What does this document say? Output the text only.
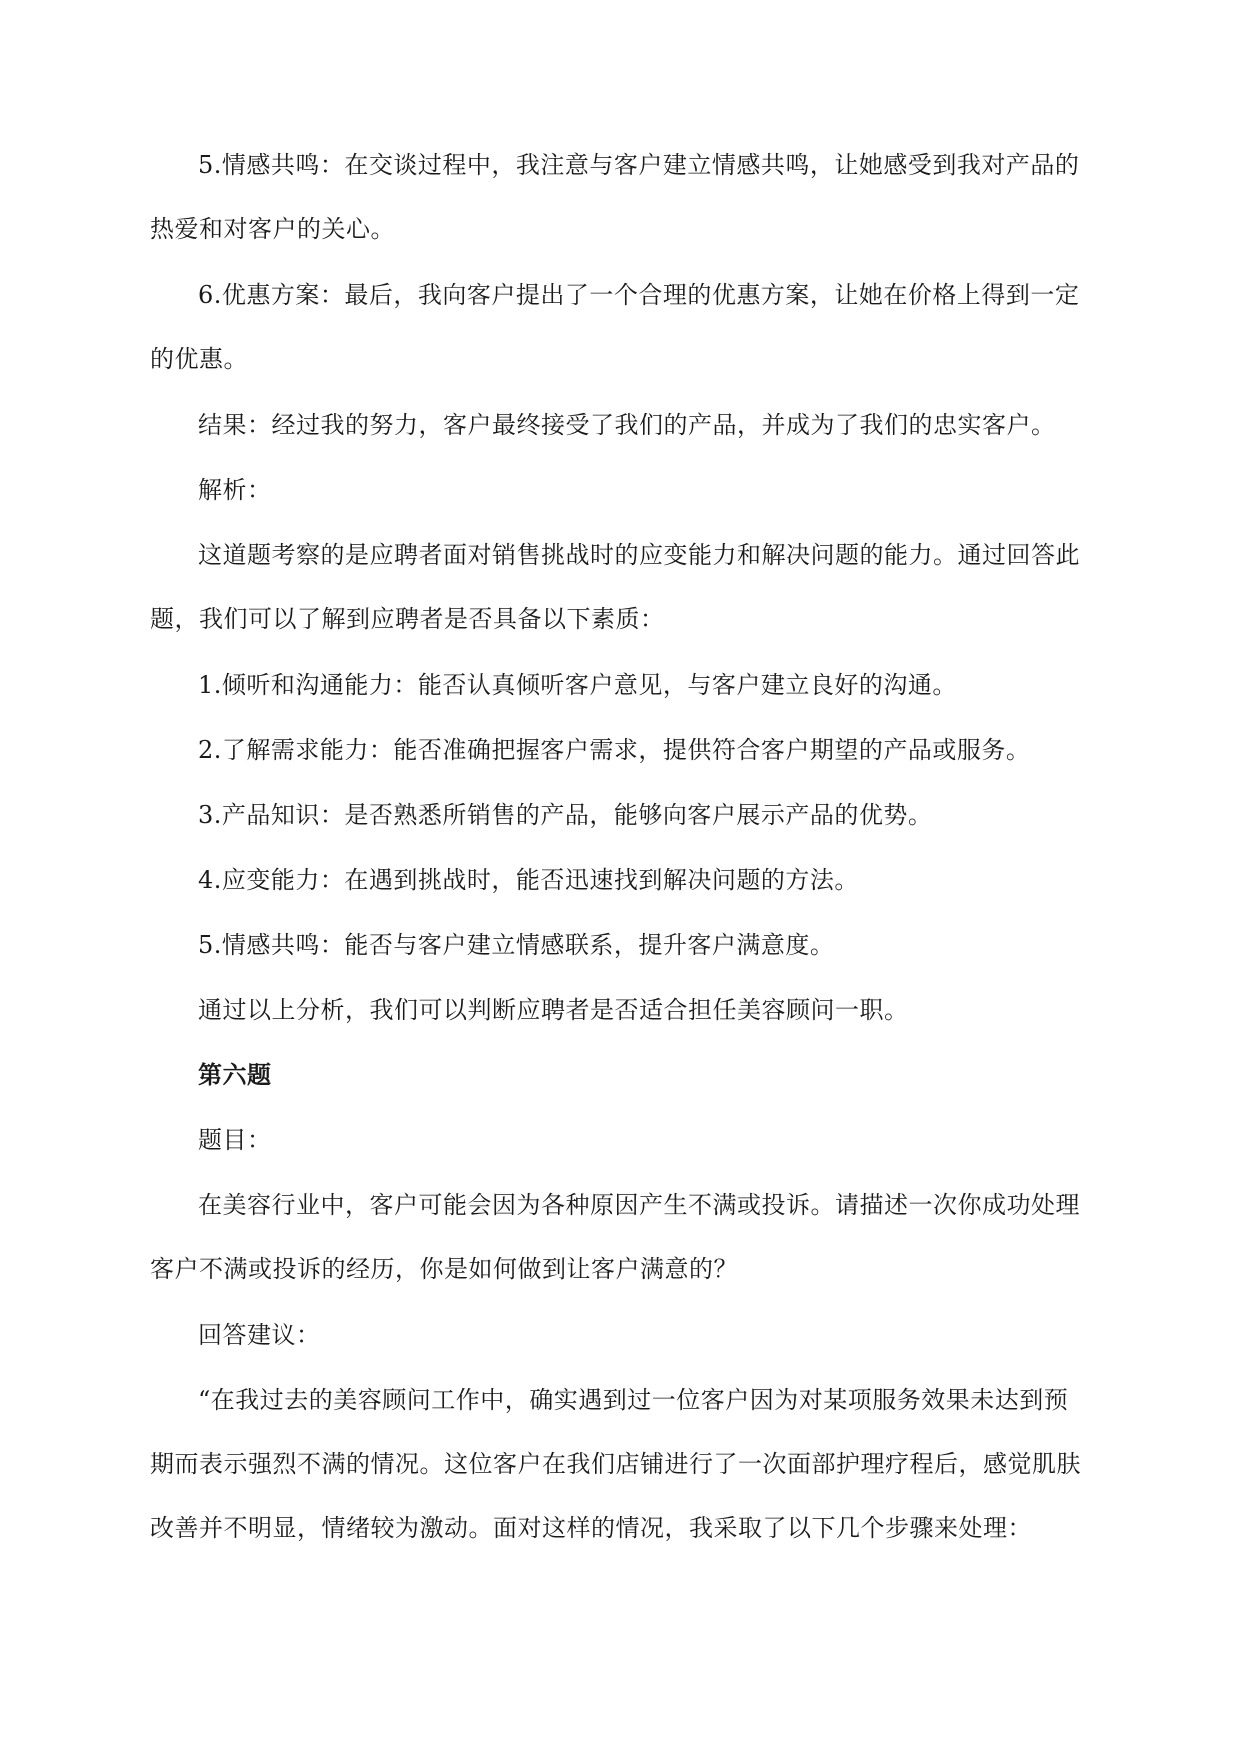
5.情感共鸣：在交谈过程中，我注意与客户建立情感共鸣，让她感受到我对产品的热爱和对客户的关心。

6.优惠方案：最后，我向客户提出了一个合理的优惠方案，让她在价格上得到一定的优惠。

结果：经过我的努力，客户最终接受了我们的产品，并成为了我们的忠实客户。

解析：

这道题考察的是应聘者面对销售挑战时的应变能力和解决问题的能力。通过回答此题，我们可以了解到应聘者是否具备以下素质：

1.倾听和沟通能力：能否认真倾听客户意见，与客户建立良好的沟通。

2.了解需求能力：能否准确把握客户需求，提供符合客户期望的产品或服务。

3.产品知识：是否熟悉所销售的产品，能够向客户展示产品的优势。

4.应变能力：在遇到挑战时，能否迅速找到解决问题的方法。

5.情感共鸣：能否与客户建立情感联系，提升客户满意度。

通过以上分析，我们可以判断应聘者是否适合担任美容顾问一职。

第六题

题目：

在美容行业中，客户可能会因为各种原因产生不满或投诉。请描述一次你成功处理客户不满或投诉的经历，你是如何做到让客户满意的？

回答建议：

“在我过去的美容顾问工作中，确实遇到过一位客户因为对某项服务效果未达到预期而表示强烈不满的情况。这位客户在我们店铺进行了一次面部护理疗程后，感觉肌肤改善并不明显，情绪较为激动。面对这样的情况，我采取了以下几个步骤来处理：
